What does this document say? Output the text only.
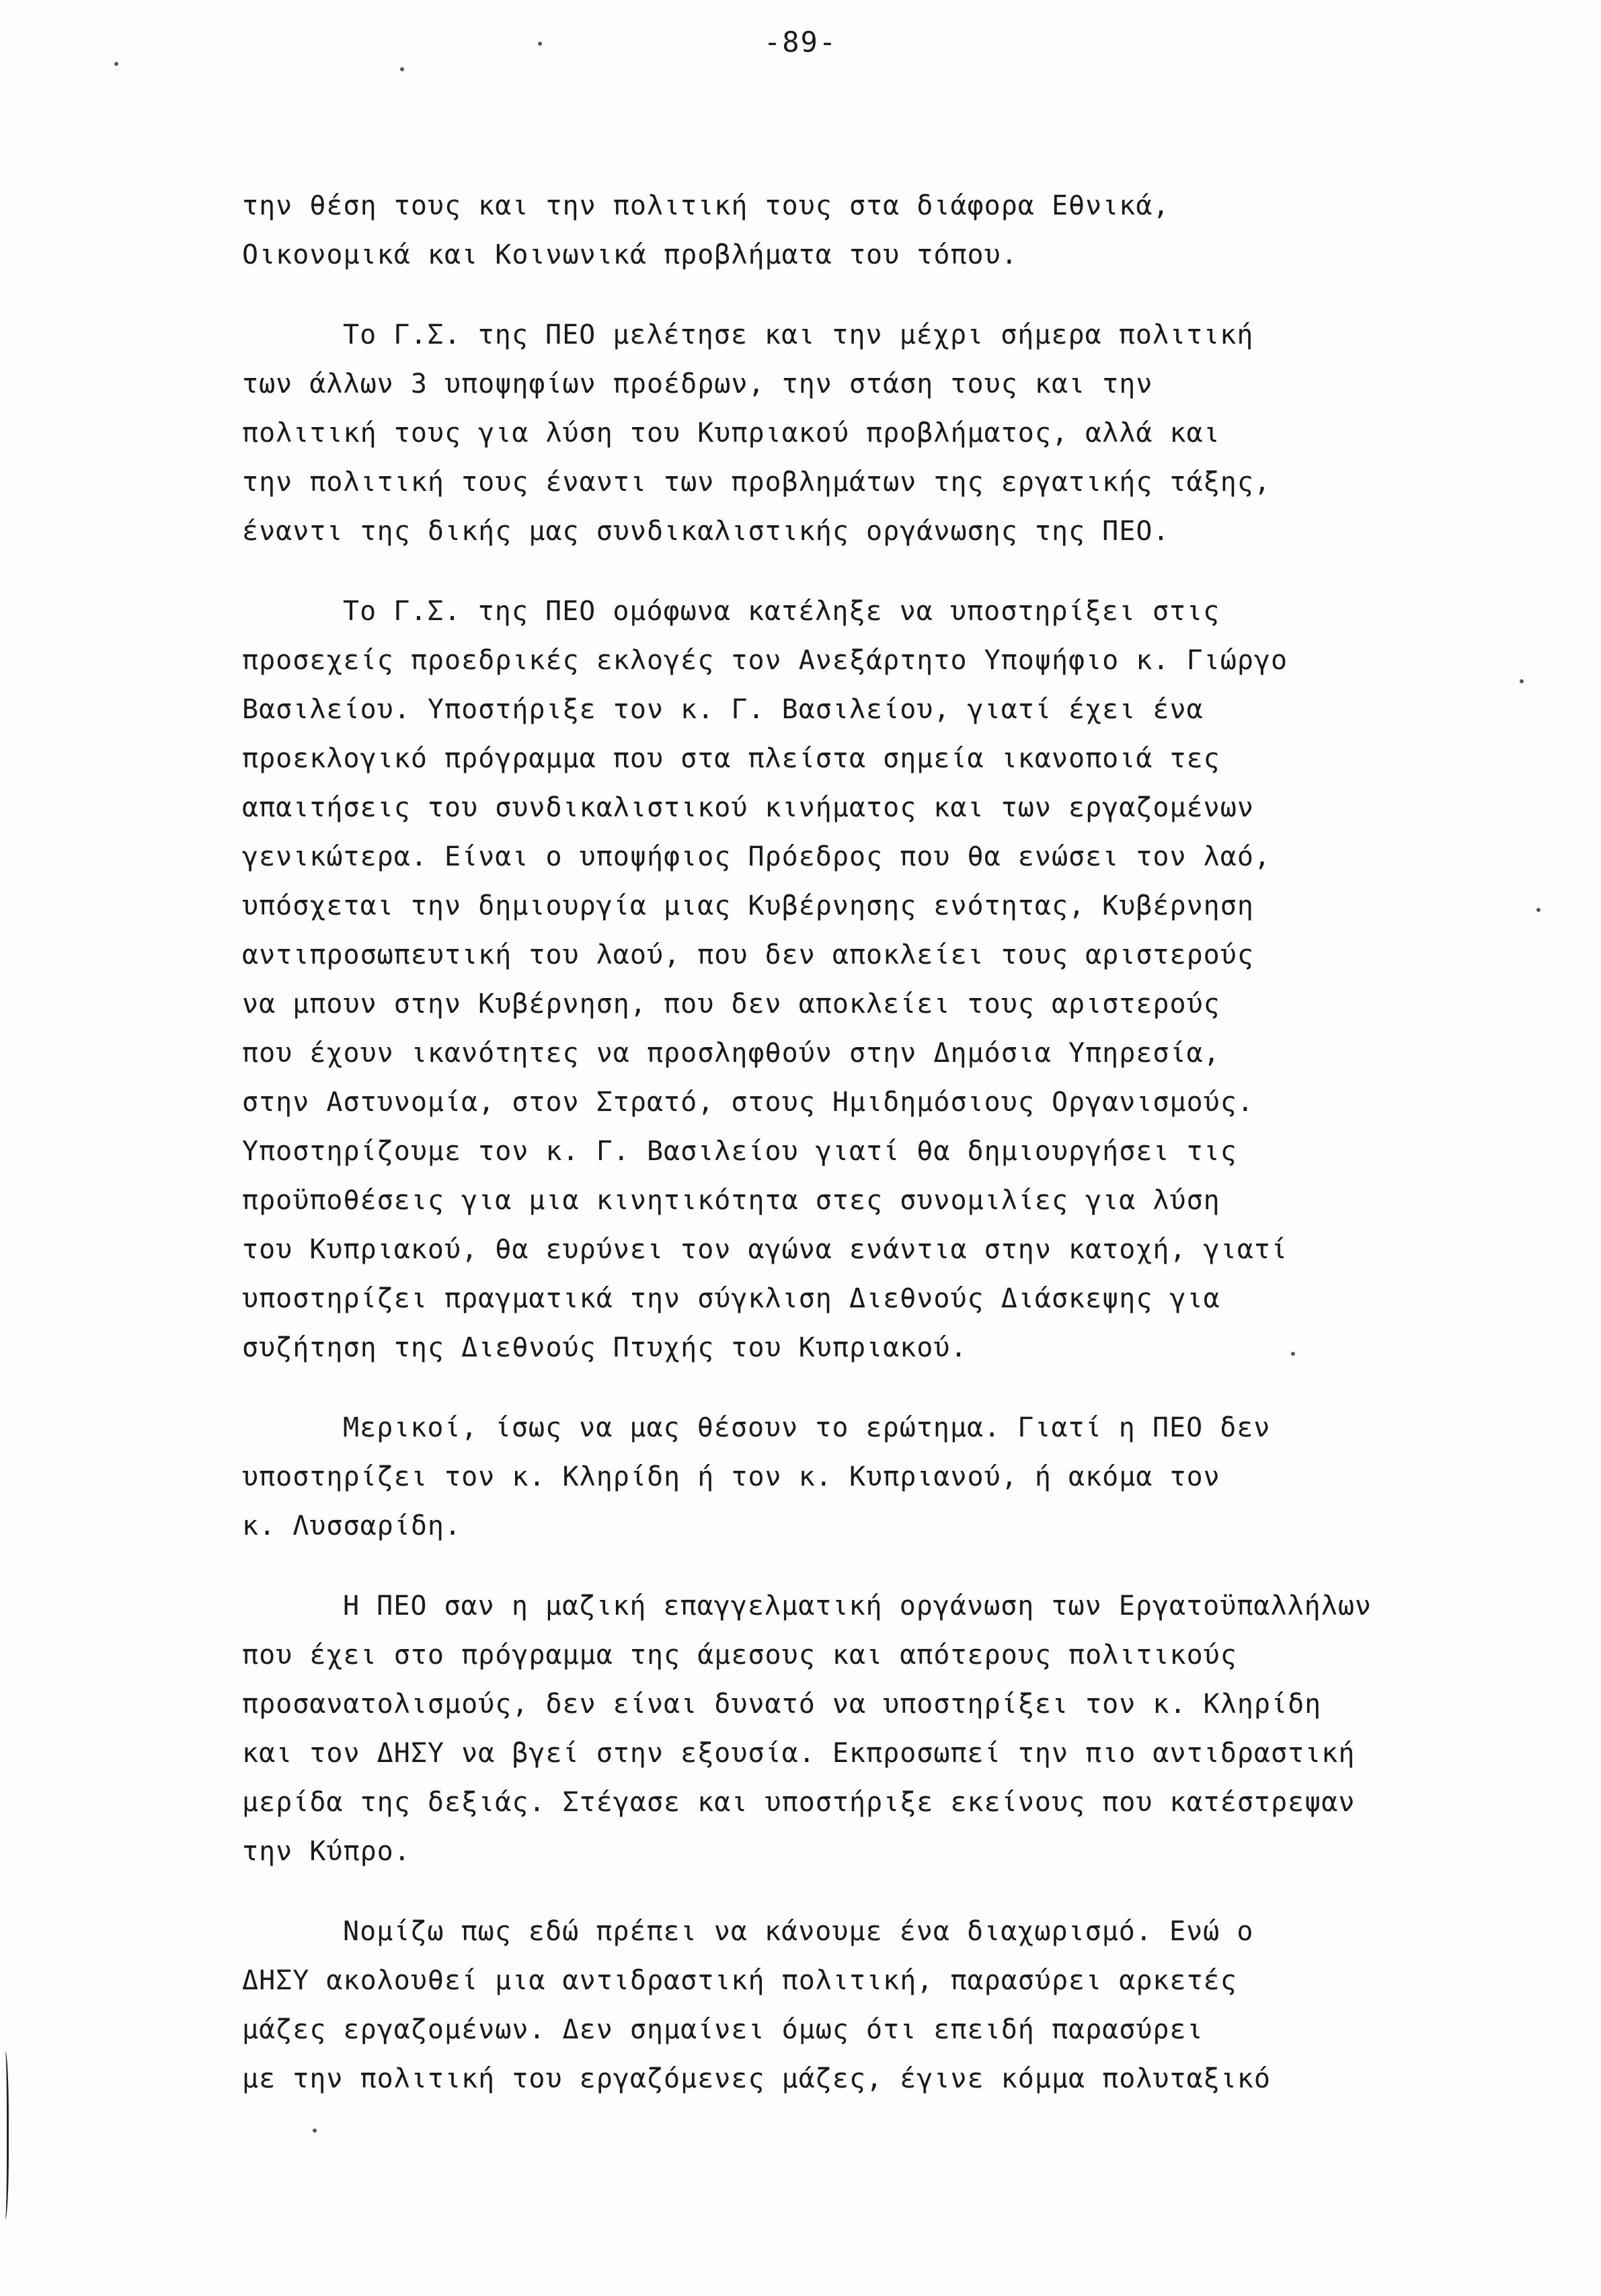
-89-
την θέση τους και την πολιτική τους στα διάφορα Εθνικά,
Οικονομικά και Κοινωνικά προβλήματα του τόπου.
Το Γ.Σ. της ΠΕΟ μελέτησε και την μέχρι σήμερα πολιτική
των άλλων 3 υποψηφίων προέδρων, την στάση τους και την
πολιτική τους για λύση του Κυπριακού προβλήματος, αλλά και
την πολιτική τους έναντι των προβλημάτων της εργατικής τάξης,
έναντι της δικής μας συνδικαλιστικής οργάνωσης της ΠΕΟ.
Το Γ.Σ. της ΠΕΟ ομόφωνα κατέληξε να υποστηρίξει στις
προσεχείς προεδρικές εκλογές τον Ανεξάρτητο Υποψήφιο κ. Γιώργο
Βασιλείου. Υποστήριξε τον κ. Γ. Βασιλείου, γιατί έχει ένα
προεκλογικό πρόγραμμα που στα πλείστα σημεία ικανοποιά τες
απαιτήσεις του συνδικαλιστικού κινήματος και των εργαζομένων
γενικώτερα. Είναι ο υποψήφιος Πρόεδρος που θα ενώσει τον λαό,
υπόσχεται την δημιουργία μιας Κυβέρνησης ενότητας, Κυβέρνηση
αντιπροσωπευτική του λαού, που δεν αποκλείει τους αριστερούς
να μπουν στην Κυβέρνηση, που δεν αποκλείει τους αριστερούς
που έχουν ικανότητες να προσληφθούν στην Δημόσια Υπηρεσία,
στην Αστυνομία, στον Στρατό, στους Ημιδημόσιους Οργανισμούς.
Υποστηρίζουμε τον κ. Γ. Βασιλείου γιατί θα δημιουργήσει τις
προϋποθέσεις για μια κινητικότητα στες συνομιλίες για λύση
του Κυπριακού, θα ευρύνει τον αγώνα ενάντια στην κατοχή, γιατί
υποστηρίζει πραγματικά την σύγκλιση Διεθνούς Διάσκεψης για
συζήτηση της Διεθνούς Πτυχής του Κυπριακού.
Μερικοί, ίσως να μας θέσουν το ερώτημα. Γιατί η ΠΕΟ δεν
υποστηρίζει τον κ. Κληρίδη ή τον κ. Κυπριανού, ή ακόμα τον
κ. Λυσσαρίδη.
Η ΠΕΟ σαν η μαζική επαγγελματική οργάνωση των Εργατοϋπαλλήλων
που έχει στο πρόγραμμα της άμεσους και απότερους πολιτικούς
προσανατολισμούς, δεν είναι δυνατό να υποστηρίξει τον κ. Κληρίδη
και τον ΔΗΣΥ να βγεί στην εξουσία. Εκπροσωπεί την πιο αντιδραστική
μερίδα της δεξιάς. Στέγασε και υποστήριξε εκείνους που κατέστρεψαν
την Κύπρο.
Νομίζω πως εδώ πρέπει να κάνουμε ένα διαχωρισμό. Ενώ ο
ΔΗΣΥ ακολουθεί μια αντιδραστική πολιτική, παρασύρει αρκετές
μάζες εργαζομένων. Δεν σημαίνει όμως ότι επειδή παρασύρει
με την πολιτική του εργαζόμενες μάζες, έγινε κόμμα πολυταξικό
